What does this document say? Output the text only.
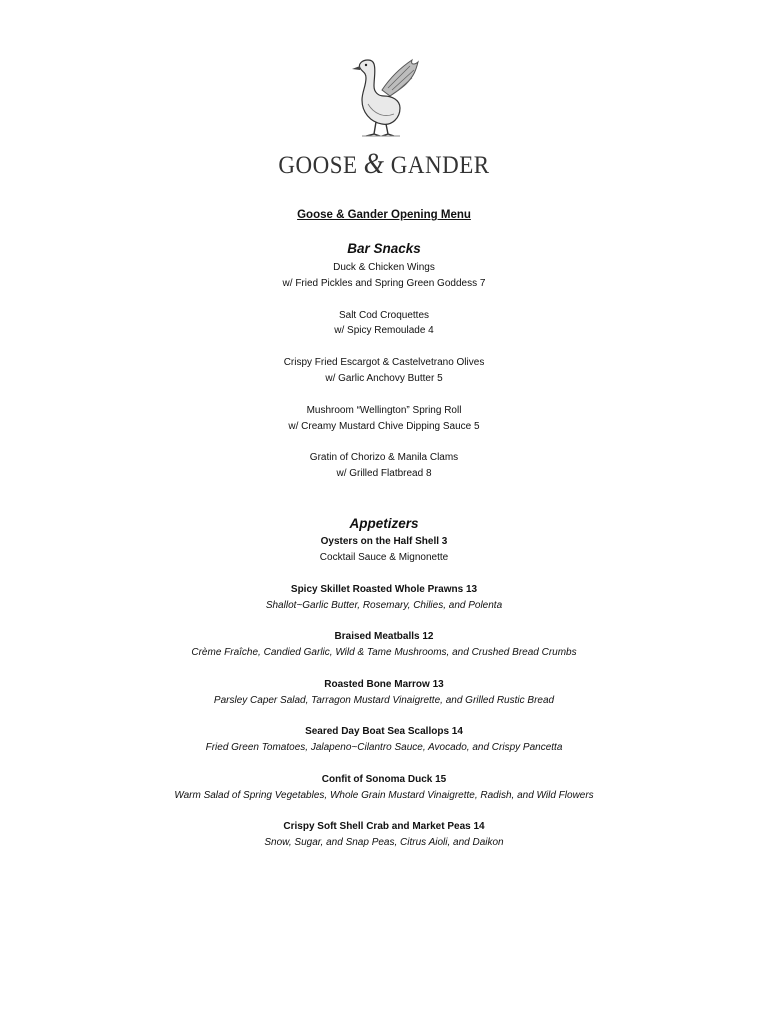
GOOSE & GANDER
Goose & Gander Opening Menu
Bar Snacks
Duck & Chicken Wings
w/ Fried Pickles and Spring Green Goddess 7
Salt Cod Croquettes
w/ Spicy Remoulade 4
Crispy Fried Escargot & Castelvetrano Olives
w/ Garlic Anchovy Butter 5
Mushroom “Wellington” Spring Roll
w/ Creamy Mustard Chive Dipping Sauce 5
Gratin of Chorizo & Manila Clams
w/ Grilled Flatbread 8
Appetizers
Oysters on the Half Shell 3
Cocktail Sauce & Mignonette
Spicy Skillet Roasted Whole Prawns 13
Shallot~Garlic Butter, Rosemary, Chilies, and Polenta
Braised Meatballs 12
Crème Fraîche, Candied Garlic, Wild & Tame Mushrooms, and Crushed Bread Crumbs
Roasted Bone Marrow 13
Parsley Caper Salad, Tarragon Mustard Vinaigrette, and Grilled Rustic Bread
Seared Day Boat Sea Scallops 14
Fried Green Tomatoes, Jalapeno~Cilantro Sauce, Avocado, and Crispy Pancetta
Confit of Sonoma Duck 15
Warm Salad of Spring Vegetables, Whole Grain Mustard Vinaigrette, Radish, and Wild Flowers
Crispy Soft Shell Crab and Market Peas 14
Snow, Sugar, and Snap Peas, Citrus Aioli, and Daikon
